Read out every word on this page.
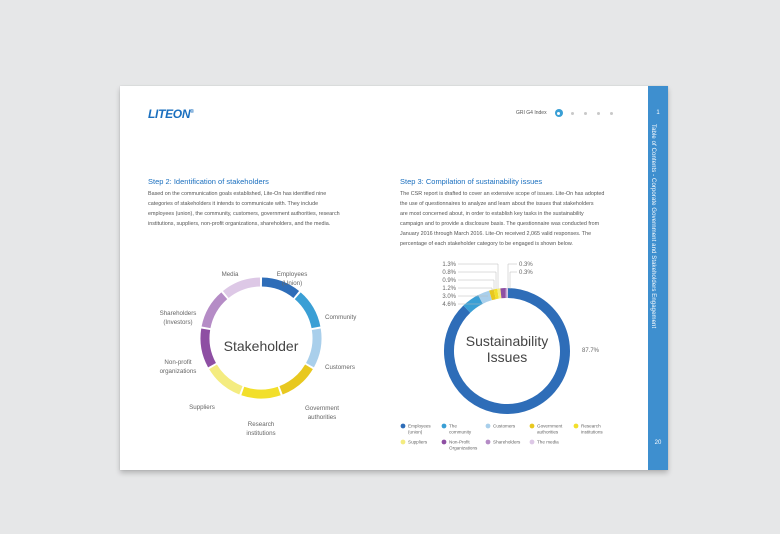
LITEON®	GRI G4 Index	1
Table of Contents - Corporate Government and Stakeholders Engagement
20
Step 2: Identification of stakeholders
Based on the communication goals established, Lite-On has identified nine
categories of stakeholders it intends to communicate with. They include
employees (union), the community, customers, government authorities, research
institutions, suppliers, non-profit organizations, shareholders, and the media.
Step 3: Compilation of sustainability issues
The CSR report is drafted to cover an extensive scope of issues. Lite-On has adopted
the use of questionnaires to analyze and learn about the issues that stakeholders
are most concerned about, in order to establish key tasks in the sustainability
campaign and to provide a disclosure basis. The questionnaire was conducted from
January 2016 through March 2016. Lite-On received 2,065 valid responses. The
percentage of each stakeholder category to be engaged is shown below.
Stakeholder
Media	Employees
(Union)
Community
Customers
Government
authorities
Research
institutions
Suppliers
Non-profit
organizations
Shareholders
(Investors)
Sustainability
Issues	87.7%
1.3%
0.8%
0.9%
1.2%
3.0%
4.6%
0.3%
0.3%
Employees
(union)
The
community
Customers	Government
authorities
Research
institutions
Suppliers	Non-Profit
Organizations
Shareholders	The media
